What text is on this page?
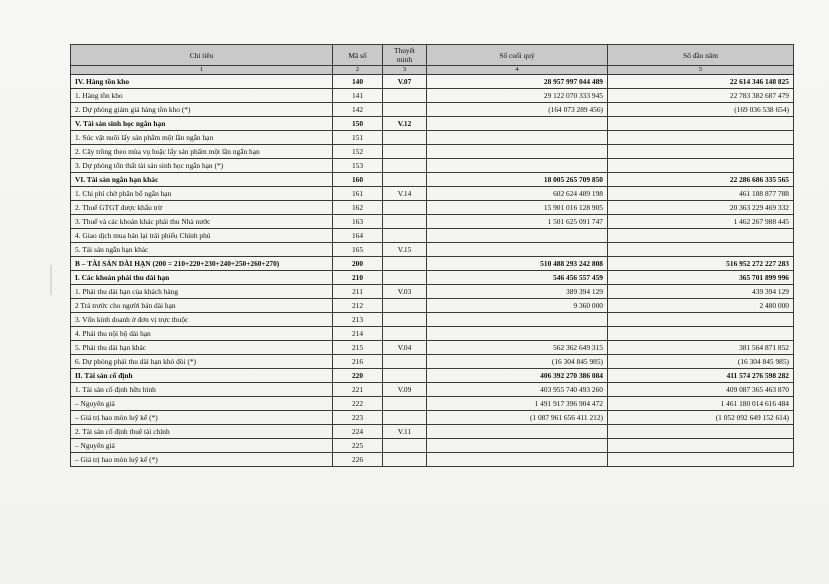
Chỉ tiêu	Mã số	Thuyết minh	Số cuối quý	Số đầu năm
1	2	3	4	5
IV. Hàng tồn kho	140	V.07	28 957 997 044 489	22 614 346 148 825
1. Hàng tồn kho	141		29 122 070 333 945	22 783 382 687 479
2. Dự phòng giảm giá hàng tồn kho (*)	142		(164 073 289 456)	(169 036 538 654)
V. Tài sản sinh học ngắn hạn	150	V.12		
1. Súc vật nuôi lấy sản phẩm một lần ngắn hạn	151			
2. Cây trồng theo mùa vụ hoặc lấy sản phẩm một lần ngắn hạn	152			
3. Dự phòng tổn thất tài sản sinh học ngắn hạn (*)	153			
VI. Tài sản ngắn hạn khác	160		18 005 265 709 850	22 286 686 335 565
1. Chi phí chờ phân bổ ngắn hạn	161	V.14	602 624 489 198	461 188 877 788
2. Thuế GTGT được khấu trừ	162		15 901 016 128 905	20 363 229 469 332
3. Thuế và các khoản khác phải thu Nhà nước	163		1 501 625 091 747	1 462 267 988 445
4. Giao dịch mua bán lại trái phiếu Chính phủ	164			
5. Tài sản ngắn hạn khác	165	V.15		
B – TÀI SẢN DÀI HẠN (200 = 210+220+230+240+250+260+270)	200		510 488 293 242 808	516 952 272 227 283
I. Các khoản phải thu dài hạn	210		546 456 557 459	365 701 899 996
1. Phải thu dài hạn của khách hàng	211	V.03	389 394 129	439 394 129
2 Trả trước cho người bán dài hạn	212		9 360 000	2 480 000
3. Vốn kinh doanh ở đơn vị trực thuộc	213			
4. Phải thu nội bộ dài hạn	214			
5. Phải thu dài hạn khác	215	V.04	562 362 649 315	381 564 871 852
6. Dự phòng phải thu dài hạn khó đòi (*)	216		(16 304 845 985)	(16 304 845 985)
II. Tài sản cố định	220		406 392 270 386 084	411 574 276 598 282
1. Tài sản cố định hữu hình	221	V.09	403 955 740 493 260	409 087 365 463 870
– Nguyên giá	222		1 491 917 396 904 472	1 461 180 014 616 484
– Giá trị hao mòn luỹ kế (*)	223		(1 087 961 656 411 212)	(1 052 092 649 152 614)
2. Tài sản cố định thuê tài chính	224	V.11		
– Nguyên giá	225			
– Giá trị hao mòn luỹ kế (*)	226			
